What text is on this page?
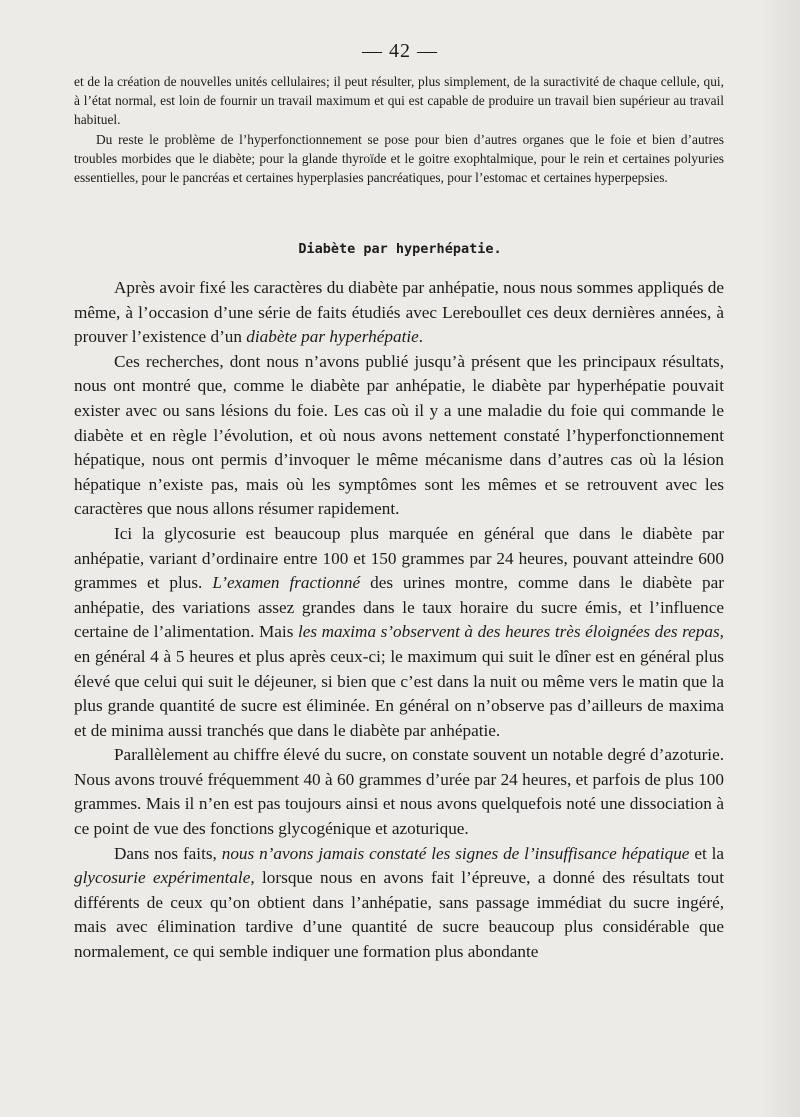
— 42 —

et de la création de nouvelles unités cellulaires; il peut résulter, plus simplement, de la suractivité de chaque cellule, qui, à l’état normal, est loin de fournir un travail maximum et qui est capable de produire un travail bien supérieur au travail habituel.

Du reste le problème de l’hyperfonctionnement se pose pour bien d’autres organes que le foie et bien d’autres troubles morbides que le diabète; pour la glande thyroïde et le goitre exophtalmique, pour le rein et certaines polyuries essentielles, pour le pancréas et certaines hyperplasies pancréatiques, pour l’estomac et certaines hyperpepsies.

Diabète par hyperhépatie.

Après avoir fixé les caractères du diabète par anhépatie, nous nous sommes appliqués de même, à l’occasion d’une série de faits étudiés avec Lereboullet ces deux dernières années, à prouver l’existence d’un diabète par hyperhépatie.

Ces recherches, dont nous n’avons publié jusqu’à présent que les principaux résultats, nous ont montré que, comme le diabète par anhépatie, le diabète par hyperhépatie pouvait exister avec ou sans lésions du foie. Les cas où il y a une maladie du foie qui commande le diabète et en règle l’évolution, et où nous avons nettement constaté l’hyperfonctionnement hépatique, nous ont permis d’invoquer le même mécanisme dans d’autres cas où la lésion hépatique n’existe pas, mais où les symptômes sont les mêmes et se retrouvent avec les caractères que nous allons résumer rapidement.

Ici la glycosurie est beaucoup plus marquée en général que dans le diabète par anhépatie, variant d’ordinaire entre 100 et 150 grammes par 24 heures, pouvant atteindre 600 grammes et plus. L’examen fractionné des urines montre, comme dans le diabète par anhépatie, des variations assez grandes dans le taux horaire du sucre émis, et l’influence certaine de l’alimentation. Mais les maxima s’observent à des heures très éloignées des repas, en général 4 à 5 heures et plus après ceux-ci; le maximum qui suit le dîner est en général plus élevé que celui qui suit le déjeuner, si bien que c’est dans la nuit ou même vers le matin que la plus grande quantité de sucre est éliminée. En général on n’observe pas d’ailleurs de maxima et de minima aussi tranchés que dans le diabète par anhépatie.

Parallèlement au chiffre élevé du sucre, on constate souvent un notable degré d’azoturie. Nous avons trouvé fréquemment 40 à 60 grammes d’urée par 24 heures, et parfois de plus 100 grammes. Mais il n’en est pas toujours ainsi et nous avons quelquefois noté une dissociation à ce point de vue des fonctions glycogénique et azoturique.

Dans nos faits, nous n’avons jamais constaté les signes de l’insuffisance hépatique et la glycosurie expérimentale, lorsque nous en avons fait l’épreuve, a donné des résultats tout différents de ceux qu’on obtient dans l’anhépatie, sans passage immédiat du sucre ingéré, mais avec élimination tardive d’une quantité de sucre beaucoup plus considérable que normalement, ce qui semble indiquer une formation plus abondante
